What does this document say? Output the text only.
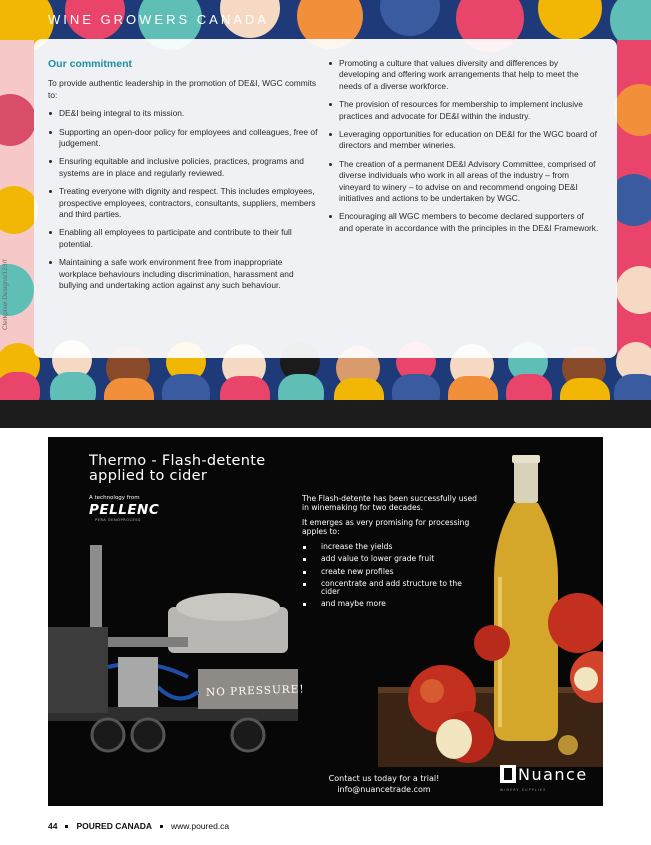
WINE GROWERS CANADA
Our commitment
To provide authentic leadership in the promotion of DE&I, WGC commits to:
DE&I being integral to its mission.
Supporting an open-door policy for employees and colleagues, free of judgement.
Ensuring equitable and inclusive policies, practices, programs and systems are in place and regularly reviewed.
Treating everyone with dignity and respect. This includes employees, prospective employees, contractors, consultants, suppliers, members and third parties.
Enabling all employees to participate and contribute to their full potential.
Maintaining a safe work environment free from inappropriate workplace behaviours including discrimination, harassment and bullying and undertaking action against any such behaviour.
Promoting a culture that values diversity and differences by developing and offering work arrangements that help to meet the needs of a diverse workforce.
The provision of resources for membership to implement inclusive practices and advocate for DE&I within the industry.
Leveraging opportunities for education on DE&I for the WGC board of directors and member wineries.
The creation of a permanent DE&I Advisory Committee, comprised of diverse individuals who work in all areas of the industry – from vineyard to winery – to advise on and recommend ongoing DE&I initiatives and actions to be undertaken by WGC.
Encouraging all WGC members to become declared supporters of and operate in accordance with the principles in the DE&I Framework.
Clerkpixel Designs/123rf
Thermo - Flash-detente
applied to cider
A technology from
PELLENC
PERA OENOPROCESS

The Flash-detente has been successfully used in winemaking for two decades.

It emerges as very promising for processing apples to:

increase the yields
add value to lower grade fruit
create new profiles
concentrate and add structure to the cider
and maybe more
NO PRESSURE!
Contact us today for a trial!
info@nuancetrade.com
Nuance
WINERY SUPPLIES
44 POURED CANADA www.poured.ca
